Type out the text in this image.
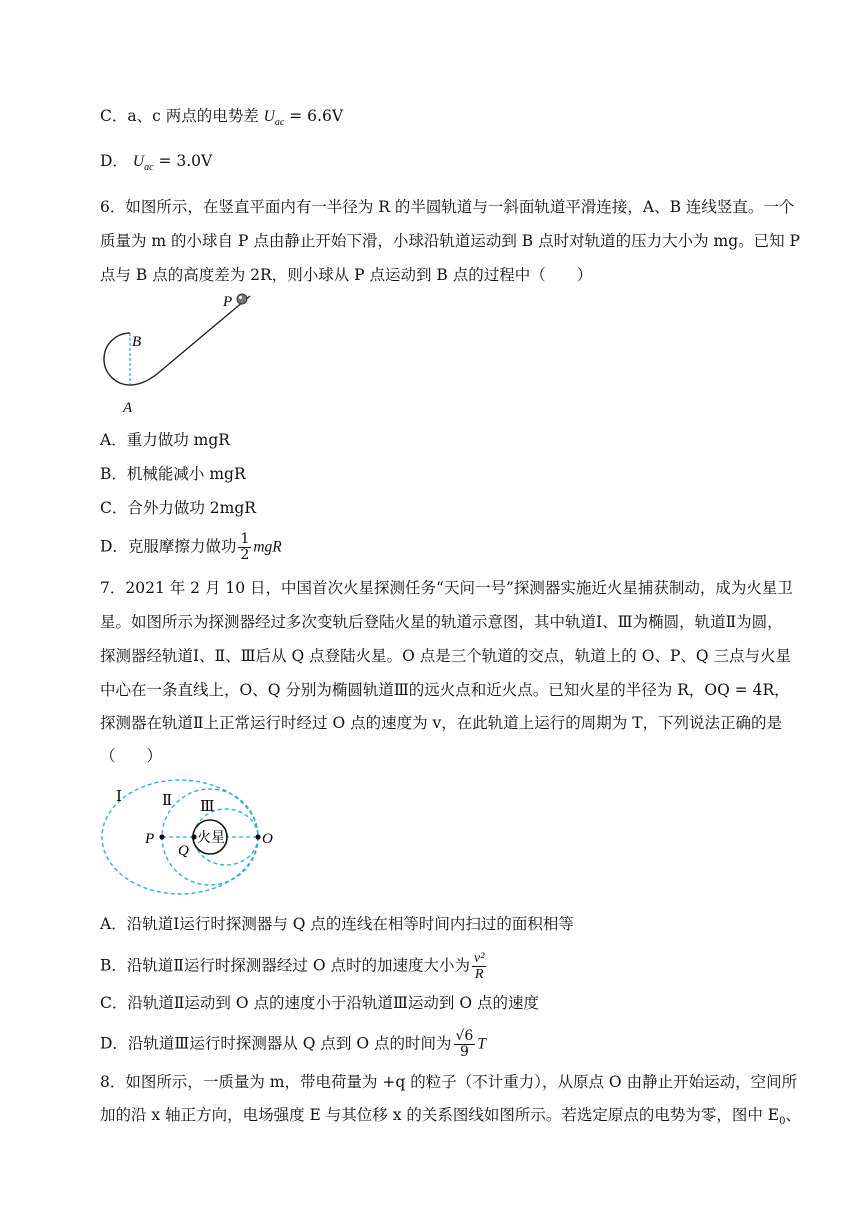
C．a、c 两点的电势差 $U_{ac} = 6.6V$
D． $U_{ac} = 3.0V$
6．如图所示，在竖直平面内有一半径为 R 的半圆轨道与一斜面轨道平滑连接，A、B 连线竖直。一个
质量为 m 的小球自 P 点由静止开始下滑，小球沿轨道运动到 B 点时对轨道的压力大小为 mg。已知 P
点与 B 点的高度差为 2R，则小球从 P 点运动到 B 点的过程中（　　）
P
B
A
A．重力做功 mgR
B．机械能减小 mgR
C．合外力做功 2mgR
D．克服摩擦力做功 $\frac{1}{2}$ mgR
7．2021 年 2 月 10 日，中国首次火星探测任务“天问一号”探测器实施近火星捕获制动，成为火星卫
星。如图所示为探测器经过多次变轨后登陆火星的轨道示意图，其中轨道Ⅰ、Ⅲ为椭圆，轨道Ⅱ为圆，
探测器经轨道Ⅰ、Ⅱ、Ⅲ后从 Q 点登陆火星。O 点是三个轨道的交点，轨道上的 O、P、Q 三点与火星
中心在一条直线上，O、Q 分别为椭圆轨道Ⅲ的远火点和近火点。已知火星的半径为 R，OQ = 4R，
探测器在轨道Ⅱ上正常运行时经过 O 点的速度为 v，在此轨道上运行的周期为 T，下列说法正确的是
（　　）
Ⅰ	Ⅱ Ⅲ
P
Q
O
火星
A．沿轨道Ⅰ运行时探测器与 Q 点的连线在相等时间内扫过的面积相等
B．沿轨道Ⅱ运行时探测器经过 O 点时的加速度大小为 $\frac{\text{v²}}{R}$
C．沿轨道Ⅱ运动到 O 点的速度小于沿轨道Ⅲ运动到 O 点的速度
D．沿轨道Ⅲ运行时探测器从 Q 点到 O 点的时间为 $\frac{√6}{9}$ T
8．如图所示，一质量为 m，带电荷量为 +q 的粒子（不计重力），从原点 O 由静止开始运动，空间所
加的沿 x 轴正方向，电场强度 E 与其位移 x 的关系图线如图所示。若选定原点的电势为零，图中 $E_0$、
